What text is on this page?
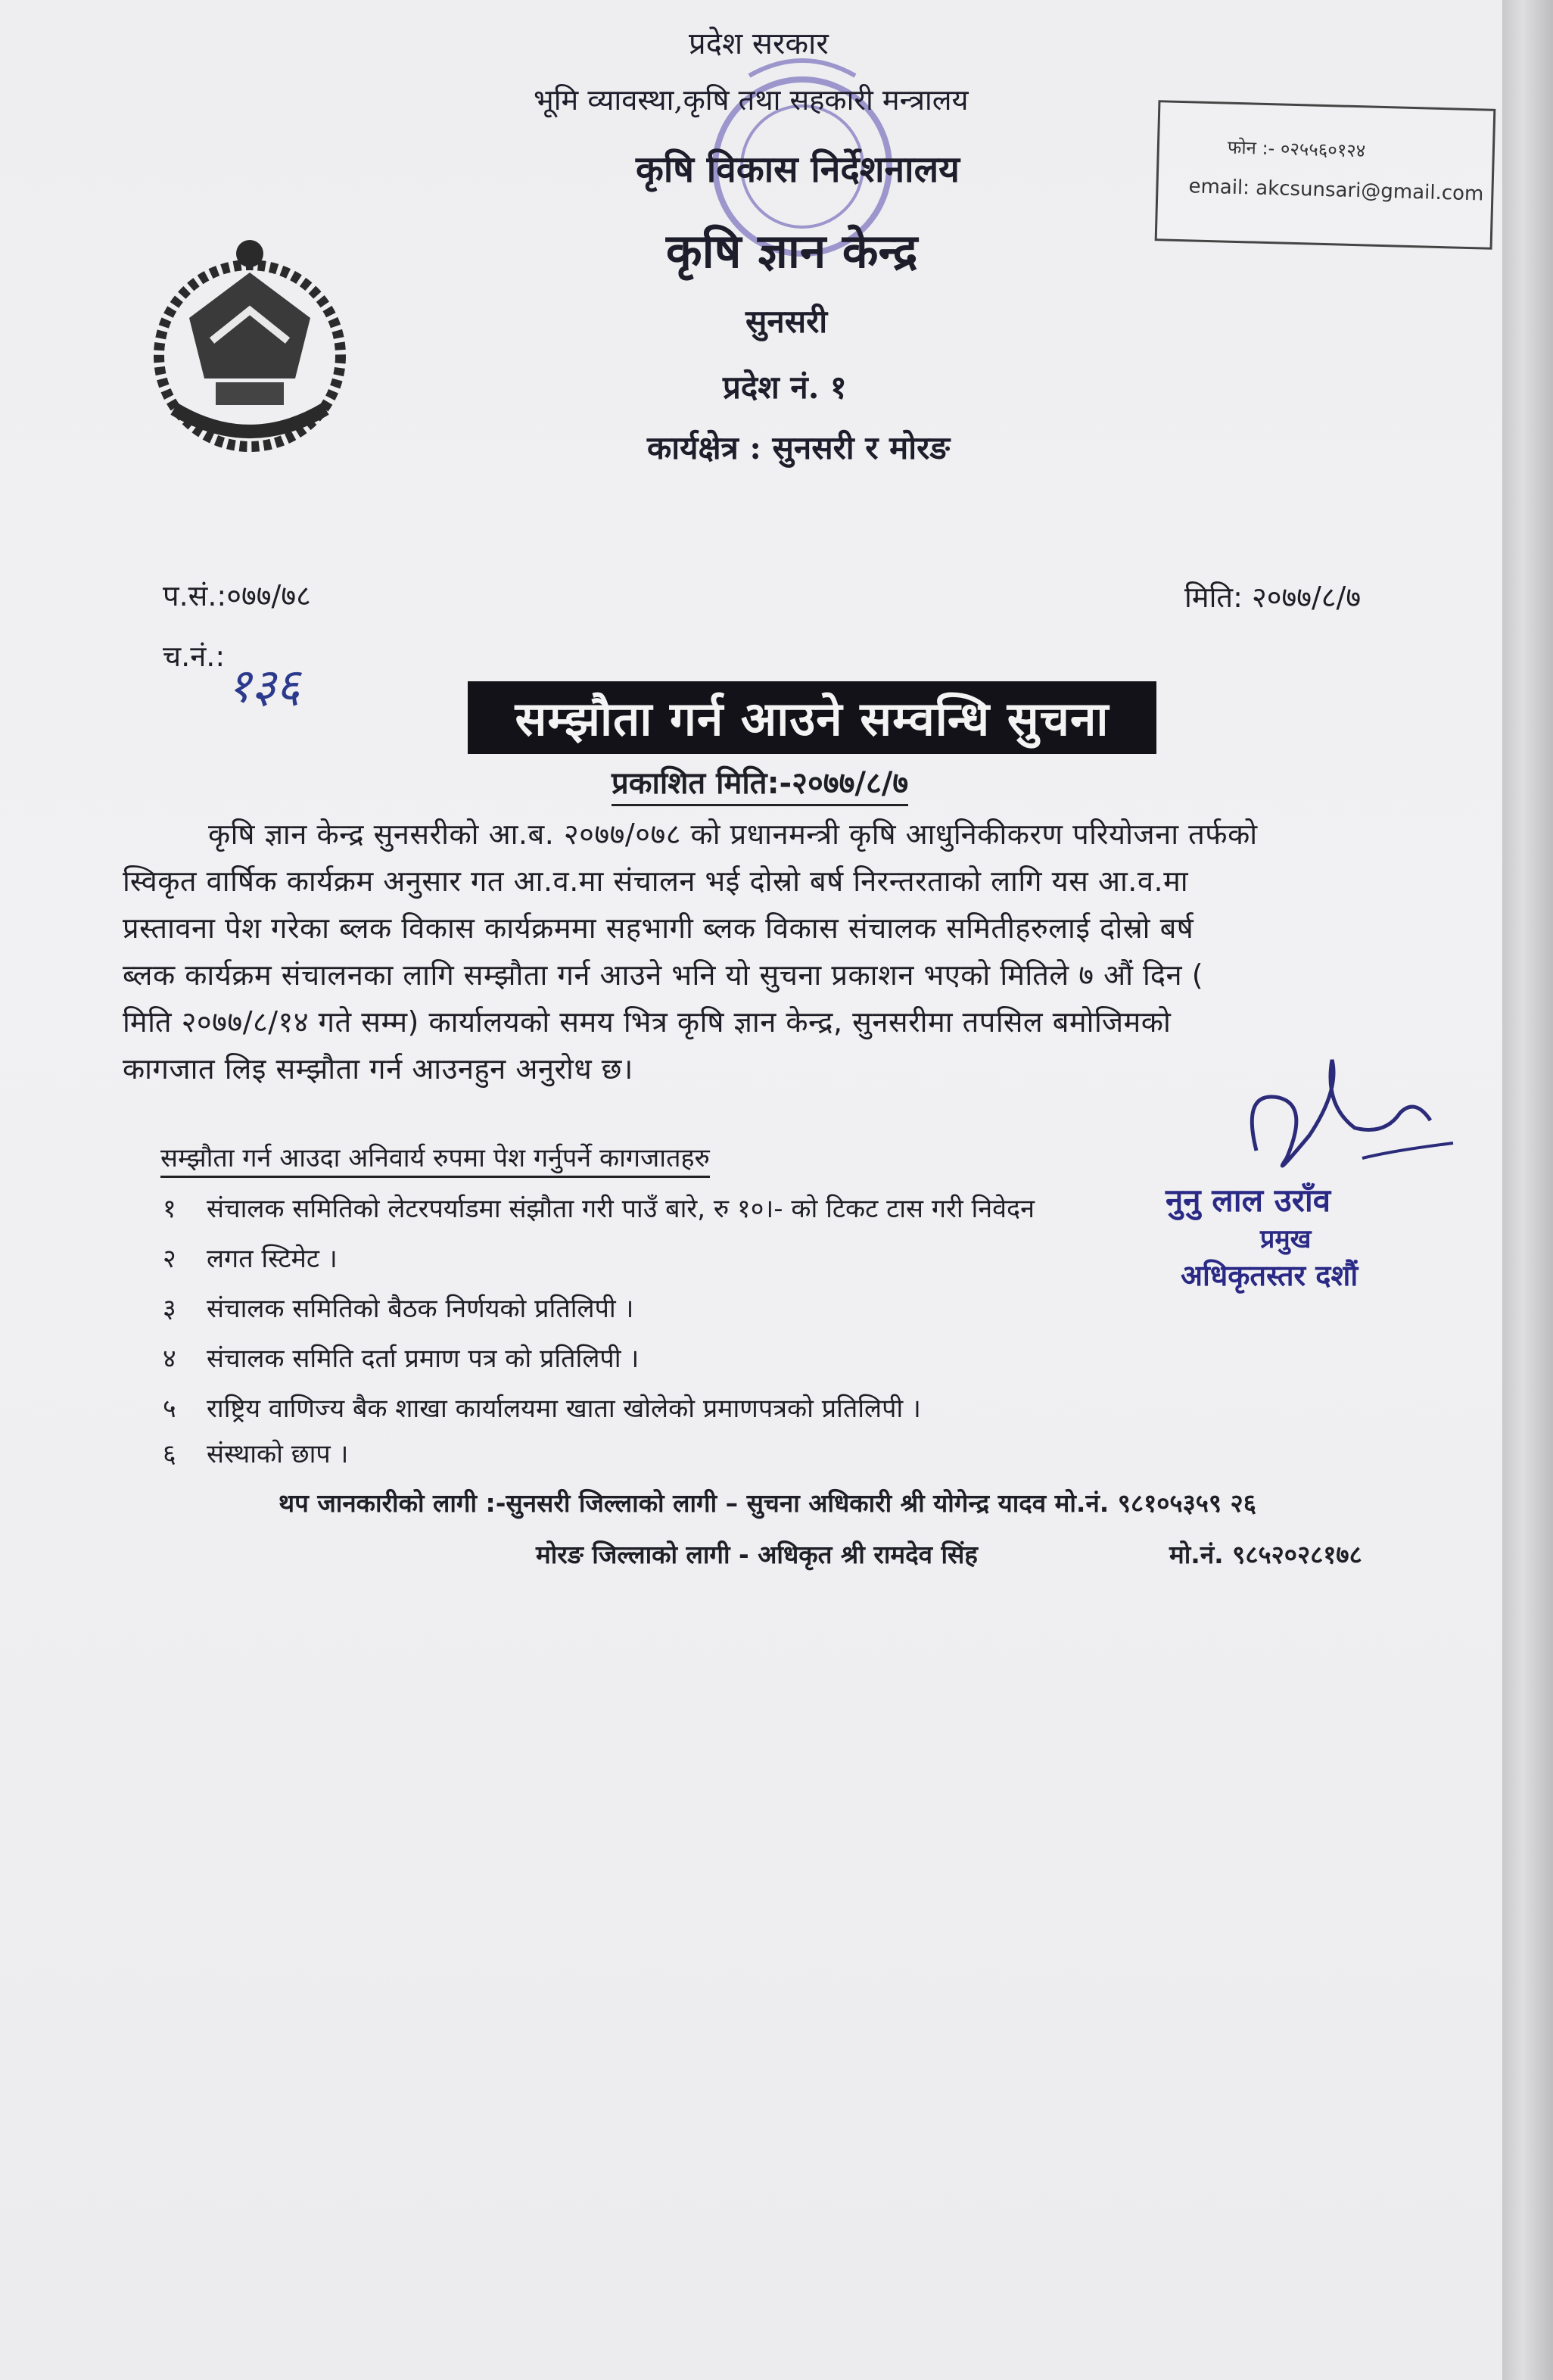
प्रदेश सरकार
भूमि व्यावस्था,कृषि तथा सहकारी मन्त्रालय
कृषि विकास निर्देशनालय
कृषि ज्ञान केन्द्र
सुनसरी
प्रदेश नं. १
कार्यक्षेत्र : सुनसरी र मोरङ
फोन :- ०२५५६०१२४
email: akcsunsari@gmail.com
प.सं.:०७७/७८
च.नं.:
१३६
मिति: २०७७/८/७
सम्झौता गर्न आउने सम्वन्धि सुचना
प्रकाशित मिति:-२०७७/८/७
कृषि ज्ञान केन्द्र सुनसरीको आ.ब. २०७७/०७८ को प्रधानमन्त्री कृषि आधुनिकीकरण परियोजना तर्फको
स्विकृत वार्षिक कार्यक्रम अनुसार गत आ.व.मा संचालन भई दोस्रो बर्ष निरन्तरताको लागि यस आ.व.मा
प्रस्तावना पेश गरेका ब्लक विकास कार्यक्रममा सहभागी ब्लक विकास संचालक समितीहरुलाई दोस्रो बर्ष
ब्लक कार्यक्रम संचालनका लागि सम्झौता गर्न आउने भनि यो सुचना प्रकाशन भएको मितिले ७ औं दिन (
मिति २०७७/८/१४ गते सम्म) कार्यालयको समय भित्र कृषि ज्ञान केन्द्र, सुनसरीमा तपसिल बमोजिमको
कागजात लिइ सम्झौता गर्न आउनहुन अनुरोध छ।
सम्झौता गर्न आउदा अनिवार्य रुपमा पेश गर्नुपर्ने कागजातहरु
१ संचालक समितिको लेटरपर्याडमा संझौता गरी पाउँ बारे, रु १०।- को टिकट टास गरी निवेदन
२ लगत स्टिमेट ।
३ संचालक समितिको बैठक निर्णयको प्रतिलिपी ।
४ संचालक समिति दर्ता प्रमाण पत्र को प्रतिलिपी ।
५ राष्ट्रिय वाणिज्य बैक शाखा कार्यालयमा खाता खोलेको प्रमाणपत्रको प्रतिलिपी ।
६ संस्थाको छाप ।
नुनु लाल उराँव
प्रमुख
अधिकृतस्तर दशौं
थप जानकारीको लागी :-सुनसरी जिल्लाको लागी – सुचना अधिकारी श्री योगेन्द्र यादव मो.नं. ९८१०५३५९ २६
मोरङ जिल्लाको लागी - अधिकृत श्री रामदेव सिंह	मो.नं. ९८५२०२८१७८
